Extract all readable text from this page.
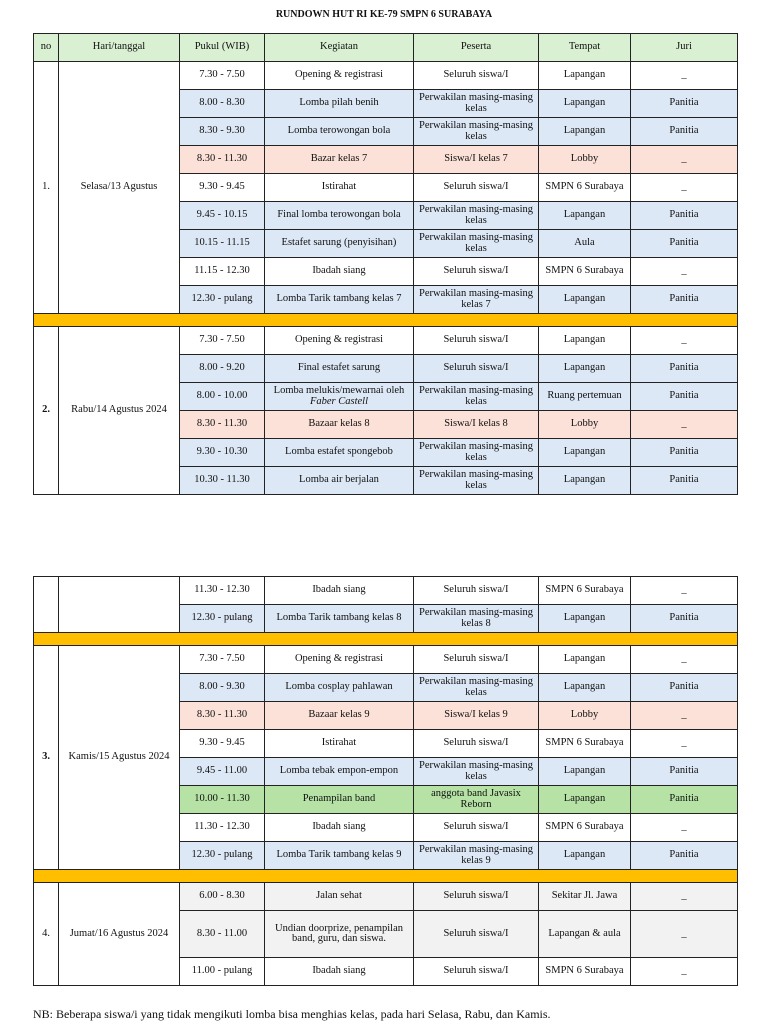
RUNDOWN HUT RI KE-79 SMPN 6 SURABAYA
no	Hari/tanggal	Pukul (WIB)	Kegiatan	Peserta	Tempat	Juri
1.	Selasa/13 Agustus	7.30 - 7.50	Opening & registrasi	Seluruh siswa/I	Lapangan	_
		8.00 - 8.30	Lomba pilah benih	Perwakilan masing-masing kelas	Lapangan	Panitia
		8.30 - 9.30	Lomba terowongan bola	Perwakilan masing-masing kelas	Lapangan	Panitia
		8.30 - 11.30	Bazar kelas 7	Siswa/I kelas 7	Lobby	_
		9.30 - 9.45	Istirahat	Seluruh siswa/I	SMPN 6 Surabaya	_
		9.45 - 10.15	Final lomba terowongan bola	Perwakilan masing-masing kelas	Lapangan	Panitia
		10.15 - 11.15	Estafet sarung (penyisihan)	Perwakilan masing-masing kelas	Aula	Panitia
		11.15 - 12.30	Ibadah siang	Seluruh siswa/I	SMPN 6 Surabaya	_
		12.30 - pulang	Lomba Tarik tambang kelas 7	Perwakilan masing-masing kelas 7	Lapangan	Panitia

2.	Rabu/14 Agustus 2024	7.30 - 7.50	Opening & registrasi	Seluruh siswa/I	Lapangan	_
		8.00 - 9.20	Final estafet sarung	Seluruh siswa/I	Lapangan	Panitia
		8.00 - 10.00	Lomba melukis/mewarnai oleh
Faber Castell	Perwakilan masing-masing kelas	Ruang pertemuan	Panitia
		8.30 - 11.30	Bazaar kelas 8	Siswa/I kelas 8	Lobby	_
		9.30 - 10.30	Lomba estafet spongebob	Perwakilan masing-masing kelas	Lapangan	Panitia
		10.30 - 11.30	Lomba air berjalan	Perwakilan masing-masing kelas	Lapangan	Panitia
		11.30 - 12.30	Ibadah siang	Seluruh siswa/I	SMPN 6 Surabaya	_
		12.30 - pulang	Lomba Tarik tambang kelas 8	Perwakilan masing-masing kelas 8	Lapangan	Panitia

3.	Kamis/15 Agustus 2024	7.30 - 7.50	Opening & registrasi	Seluruh siswa/I	Lapangan	_
		8.00 - 9.30	Lomba cosplay pahlawan	Perwakilan masing-masing kelas	Lapangan	Panitia
		8.30 - 11.30	Bazaar kelas 9	Siswa/I kelas 9	Lobby	_
		9.30 - 9.45	Istirahat	Seluruh siswa/I	SMPN 6 Surabaya	_
		9.45 - 11.00	Lomba tebak empon-empon	Perwakilan masing-masing kelas	Lapangan	Panitia
		10.00 - 11.30	Penampilan band	anggota band Javasix Reborn	Lapangan	Panitia
		11.30 - 12.30	Ibadah siang	Seluruh siswa/I	SMPN 6 Surabaya	_
		12.30 - pulang	Lomba Tarik tambang kelas 9	Perwakilan masing-masing kelas 9	Lapangan	Panitia

4.	Jumat/16 Agustus 2024	6.00 - 8.30	Jalan sehat	Seluruh siswa/I	Sekitar Jl. Jawa	_
		8.30 - 11.00	Undian doorprize, penampilan band, guru, dan siswa.	Seluruh siswa/I	Lapangan & aula	_
		11.00 - pulang	Ibadah siang	Seluruh siswa/I	SMPN 6 Surabaya	_
NB: Beberapa siswa/i yang tidak mengikuti lomba bisa menghias kelas, pada hari Selasa, Rabu, dan Kamis.
